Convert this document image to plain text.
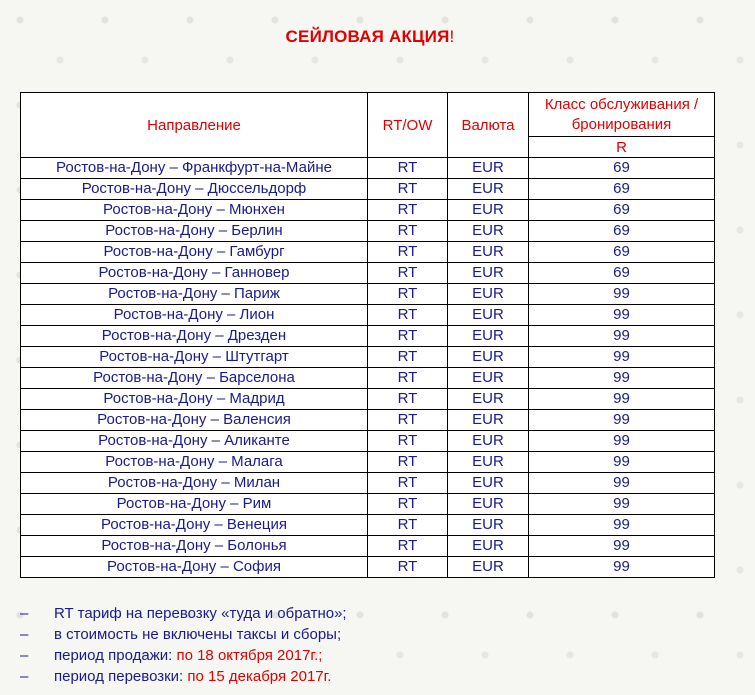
СЕЙЛОВАЯ АКЦИЯ!
Направление	RT/OW	Валюта	Класс обслуживания / бронирования
			R
Ростов-на-Дону – Франкфурт-на-Майне	RT	EUR	69
Ростов-на-Дону – Дюссельдорф	RT	EUR	69
Ростов-на-Дону – Мюнхен	RT	EUR	69
Ростов-на-Дону – Берлин	RT	EUR	69
Ростов-на-Дону – Гамбург	RT	EUR	69
Ростов-на-Дону – Ганновер	RT	EUR	69
Ростов-на-Дону – Париж	RT	EUR	99
Ростов-на-Дону – Лион	RT	EUR	99
Ростов-на-Дону – Дрезден	RT	EUR	99
Ростов-на-Дону – Штутгарт	RT	EUR	99
Ростов-на-Дону – Барселона	RT	EUR	99
Ростов-на-Дону – Мадрид	RT	EUR	99
Ростов-на-Дону – Валенсия	RT	EUR	99
Ростов-на-Дону – Аликанте	RT	EUR	99
Ростов-на-Дону – Малага	RT	EUR	99
Ростов-на-Дону – Милан	RT	EUR	99
Ростов-на-Дону – Рим	RT	EUR	99
Ростов-на-Дону – Венеция	RT	EUR	99
Ростов-на-Дону – Болонья	RT	EUR	99
Ростов-на-Дону – София	RT	EUR	99
– RT тариф на перевозку «туда и обратно»;
– в стоимость не включены таксы и сборы;
– период продажи: по 18 октября 2017г.;
– период перевозки: по 15 декабря 2017г.
